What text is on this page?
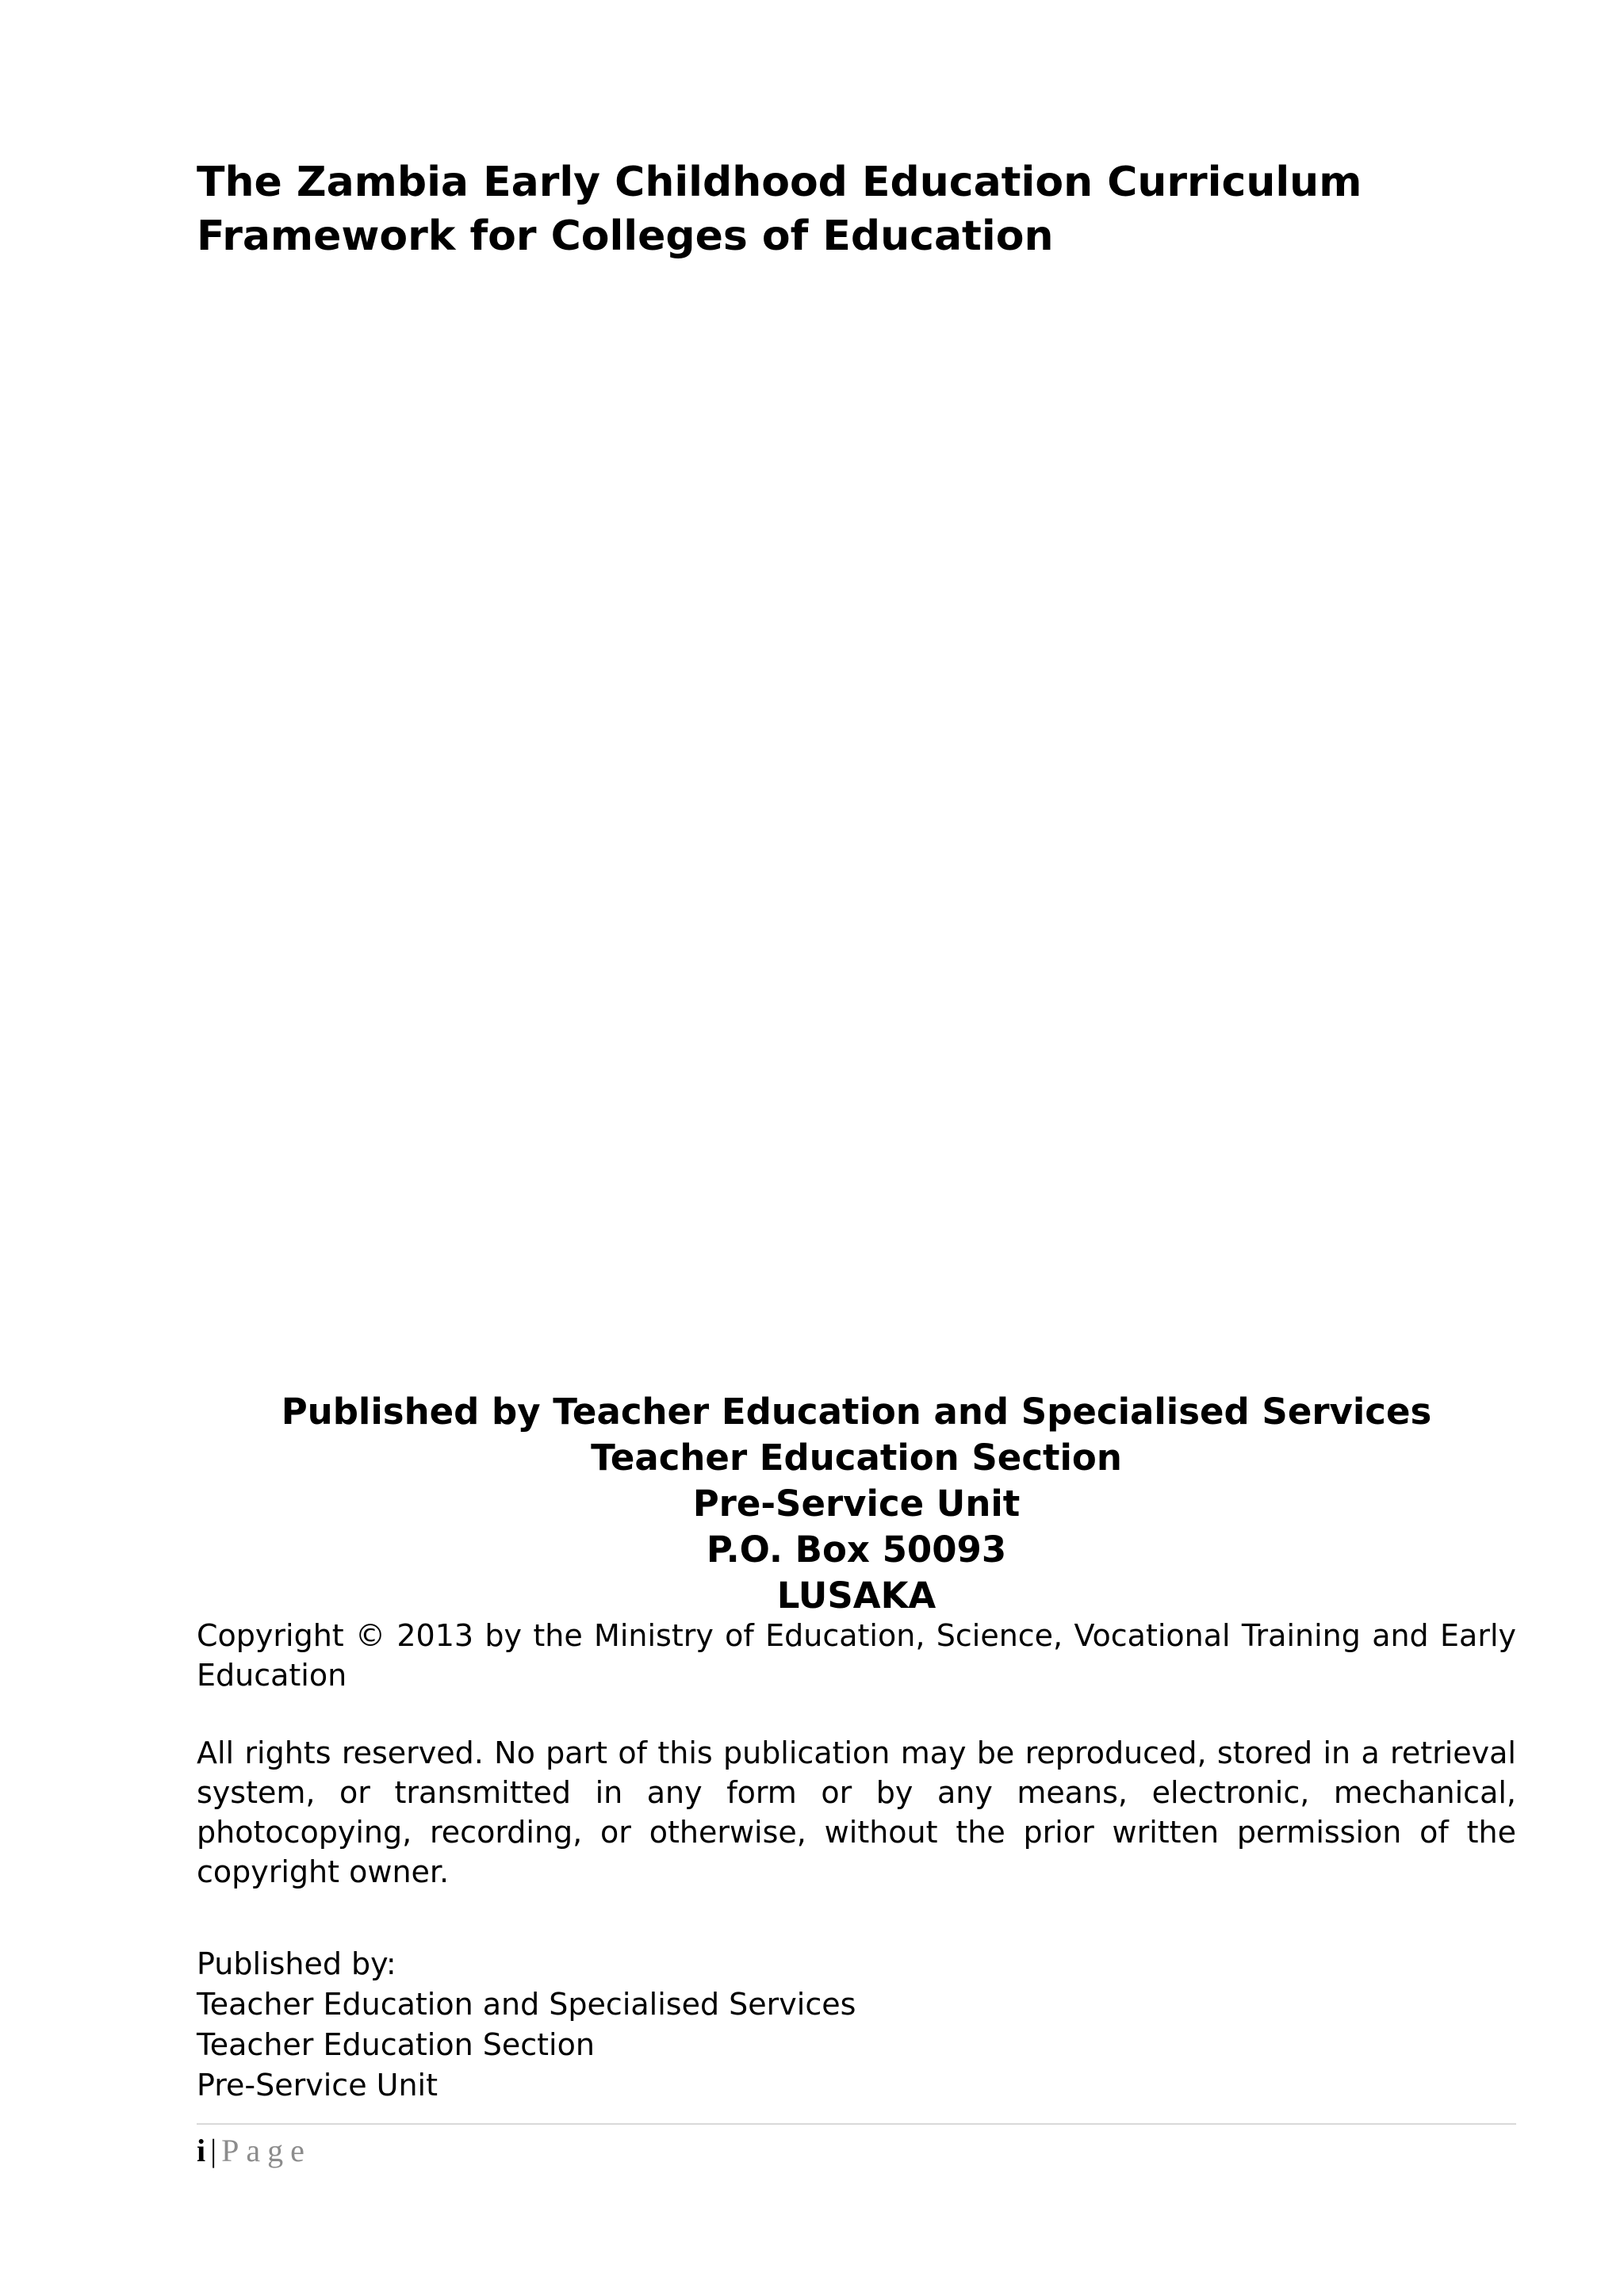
The Zambia Early Childhood Education Curriculum
Framework for Colleges of Education
Published by Teacher Education and Specialised Services
Teacher Education Section
Pre-Service Unit
P.O. Box 50093
LUSAKA

Copyright © 2013 by the Ministry of Education, Science, Vocational Training and Early Education

All rights reserved. No part of this publication may be reproduced, stored in a retrieval system, or transmitted in any form or by any means, electronic, mechanical, photocopying, recording, or otherwise, without the prior written permission of the copyright owner.

Published by:
Teacher Education and Specialised Services
Teacher Education Section
Pre-Service Unit
i | Page
